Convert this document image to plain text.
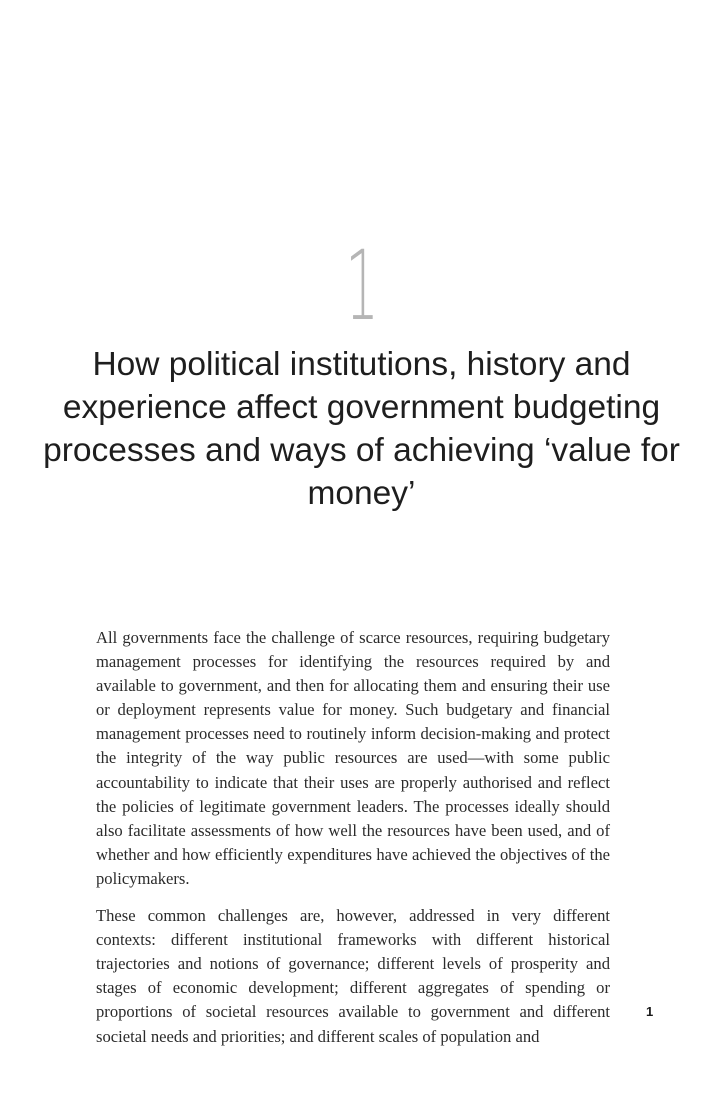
1
How political institutions, history and experience affect government budgeting processes and ways of achieving ‘value for money’

All governments face the challenge of scarce resources, requiring budgetary management processes for identifying the resources required by and available to government, and then for allocating them and ensuring their use or deployment represents value for money. Such budgetary and financial management processes need to routinely inform decision-making and protect the integrity of the way public resources are used—with some public accountability to indicate that their uses are properly authorised and reflect the policies of legitimate government leaders. The processes ideally should also facilitate assessments of how well the resources have been used, and of whether and how efficiently expenditures have achieved the objectives of the policymakers.

These common challenges are, however, addressed in very different contexts: different institutional frameworks with different historical trajectories and notions of governance; different levels of prosperity and stages of economic development; different aggregates of spending or proportions of societal resources available to government and different societal needs and priorities; and different scales of population and

1
